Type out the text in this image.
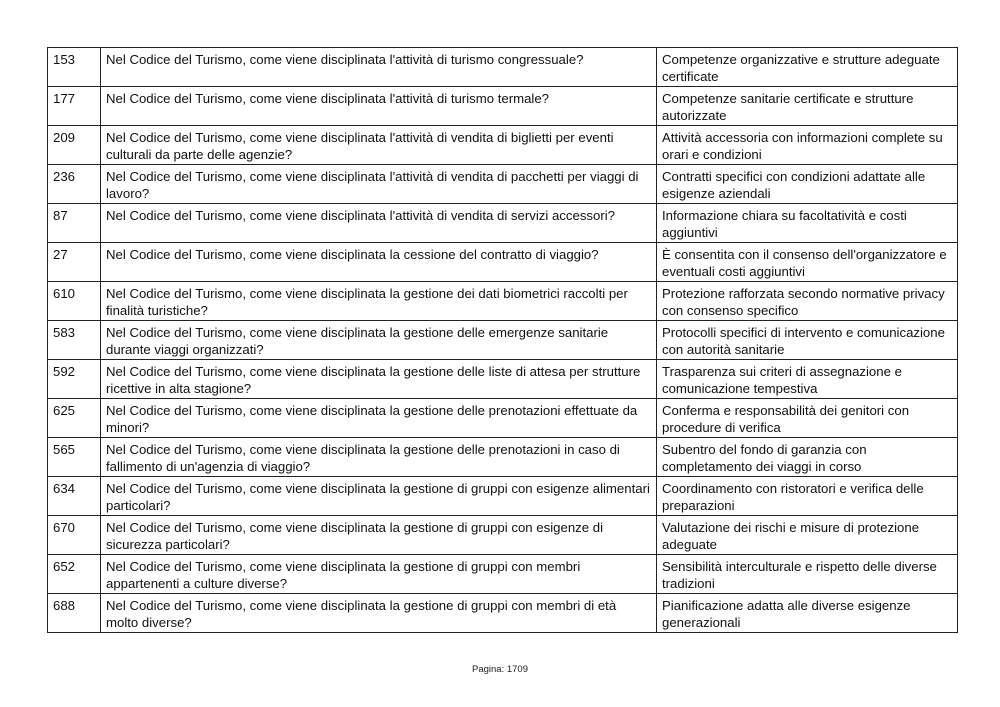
153	Nel Codice del Turismo, come viene disciplinata l'attività di turismo congressuale?	Competenze organizzative e strutture adeguate certificate
177	Nel Codice del Turismo, come viene disciplinata l'attività di turismo termale?	Competenze sanitarie certificate e strutture autorizzate
209	Nel Codice del Turismo, come viene disciplinata l'attività di vendita di biglietti per eventi culturali da parte delle agenzie?	Attività accessoria con informazioni complete su orari e condizioni
236	Nel Codice del Turismo, come viene disciplinata l'attività di vendita di pacchetti per viaggi di lavoro?	Contratti specifici con condizioni adattate alle esigenze aziendali
87	Nel Codice del Turismo, come viene disciplinata l'attività di vendita di servizi accessori?	Informazione chiara su facoltatività e costi aggiuntivi
27	Nel Codice del Turismo, come viene disciplinata la cessione del contratto di viaggio?	È consentita con il consenso dell'organizzatore e eventuali costi aggiuntivi
610	Nel Codice del Turismo, come viene disciplinata la gestione dei dati biometrici raccolti per finalità turistiche?	Protezione rafforzata secondo normative privacy con consenso specifico
583	Nel Codice del Turismo, come viene disciplinata la gestione delle emergenze sanitarie durante viaggi organizzati?	Protocolli specifici di intervento e comunicazione con autorità sanitarie
592	Nel Codice del Turismo, come viene disciplinata la gestione delle liste di attesa per strutture ricettive in alta stagione?	Trasparenza sui criteri di assegnazione e comunicazione tempestiva
625	Nel Codice del Turismo, come viene disciplinata la gestione delle prenotazioni effettuate da minori?	Conferma e responsabilità dei genitori con procedure di verifica
565	Nel Codice del Turismo, come viene disciplinata la gestione delle prenotazioni in caso di fallimento di un'agenzia di viaggio?	Subentro del fondo di garanzia con completamento dei viaggi in corso
634	Nel Codice del Turismo, come viene disciplinata la gestione di gruppi con esigenze alimentari particolari?	Coordinamento con ristoratori e verifica delle preparazioni
670	Nel Codice del Turismo, come viene disciplinata la gestione di gruppi con esigenze di sicurezza particolari?	Valutazione dei rischi e misure di protezione adeguate
652	Nel Codice del Turismo, come viene disciplinata la gestione di gruppi con membri appartenenti a culture diverse?	Sensibilità interculturale e rispetto delle diverse tradizioni
688	Nel Codice del Turismo, come viene disciplinata la gestione di gruppi con membri di età molto diverse?	Pianificazione adatta alle diverse esigenze generazionali
Pagina: 1709
